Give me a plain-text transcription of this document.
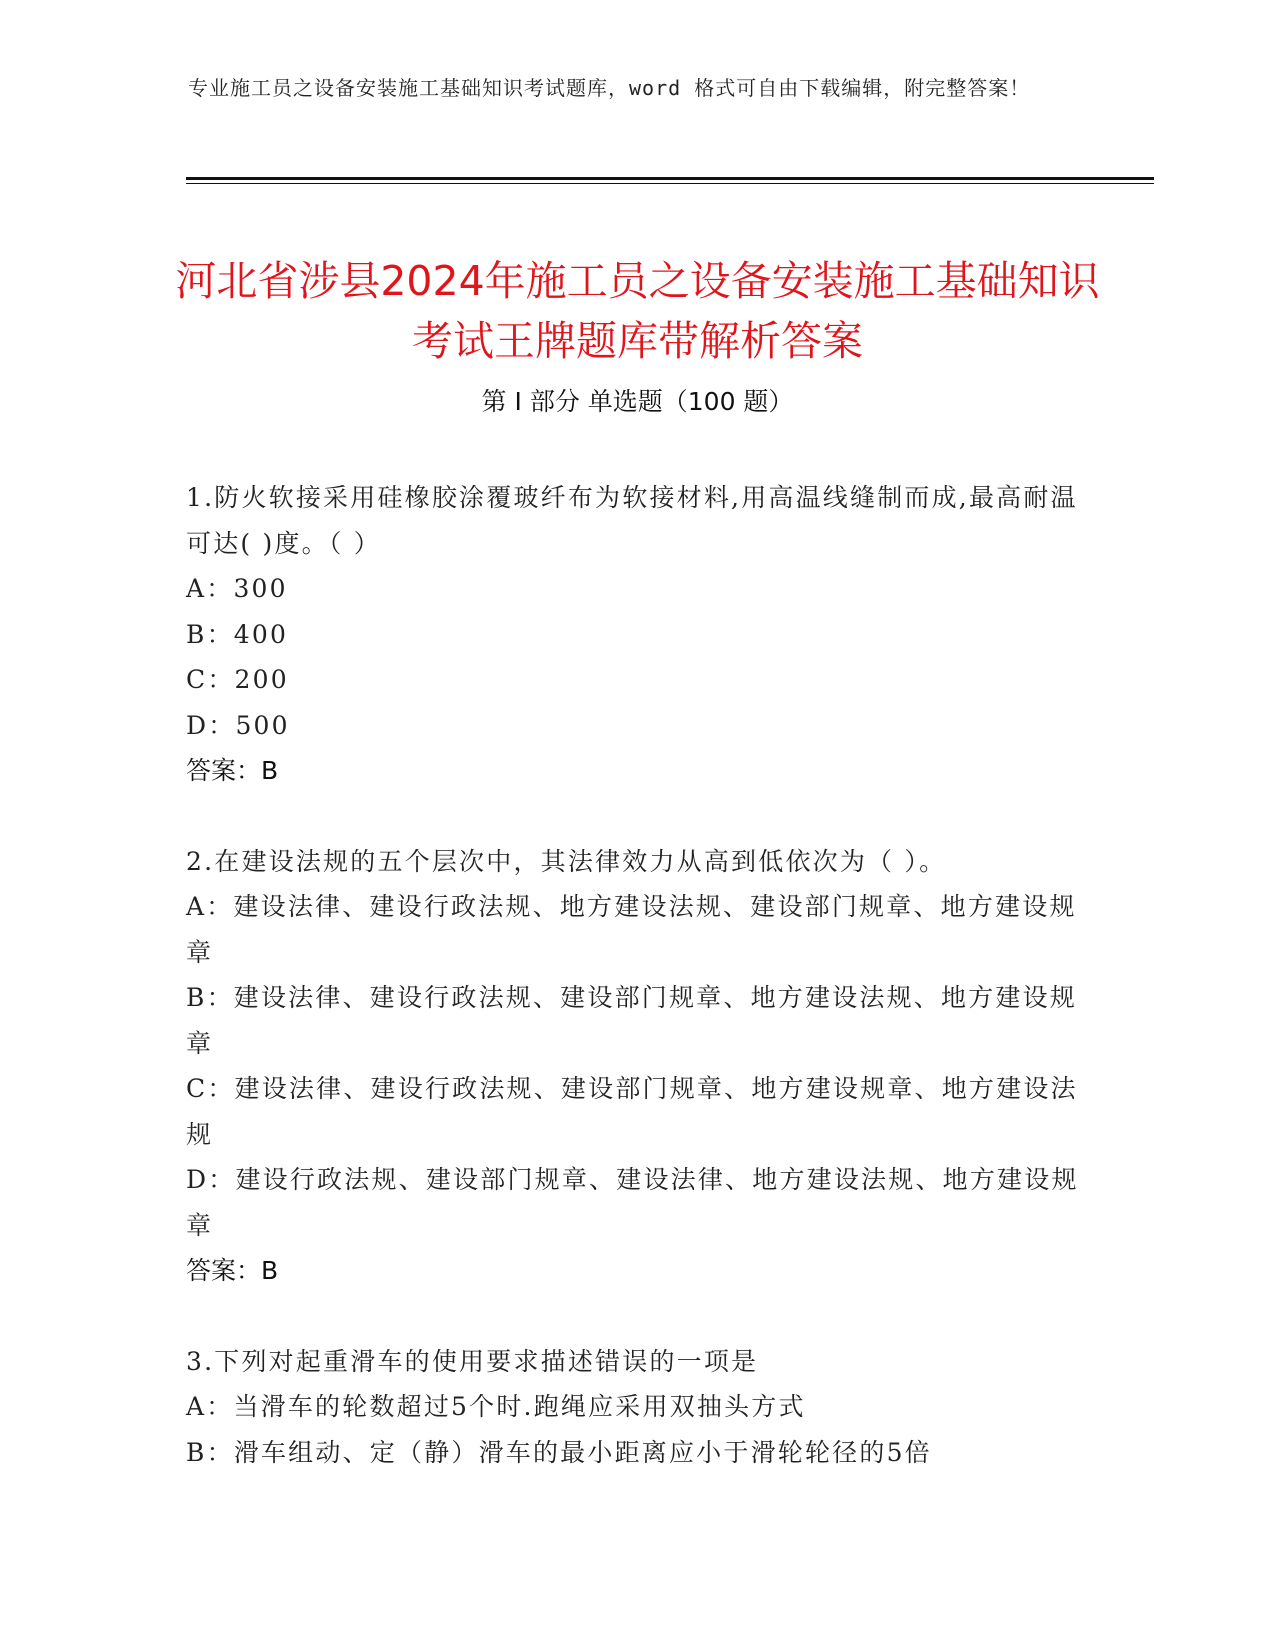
专业施工员之设备安装施工基础知识考试题库，word 格式可自由下载编辑，附完整答案！
河北省涉县2024年施工员之设备安装施工基础知识考试王牌题库带解析答案
第 I 部分 单选题（100 题）

1.防火软接采用硅橡胶涂覆玻纤布为软接材料,用高温线缝制而成,最高耐温可达( )度。（ ）

A：300

B：400

C：200

D：500

答案：B

2.在建设法规的五个层次中，其法律效力从高到低依次为（ ）。

A：建设法律、建设行政法规、地方建设法规、建设部门规章、地方建设规章

B：建设法律、建设行政法规、建设部门规章、地方建设法规、地方建设规章

C：建设法律、建设行政法规、建设部门规章、地方建设规章、地方建设法规

D：建设行政法规、建设部门规章、建设法律、地方建设法规、地方建设规章

答案：B

3.下列对起重滑车的使用要求描述错误的一项是

A：当滑车的轮数超过5个时.跑绳应采用双抽头方式

B：滑车组动、定（静）滑车的最小距离应小于滑轮轮径的5倍
